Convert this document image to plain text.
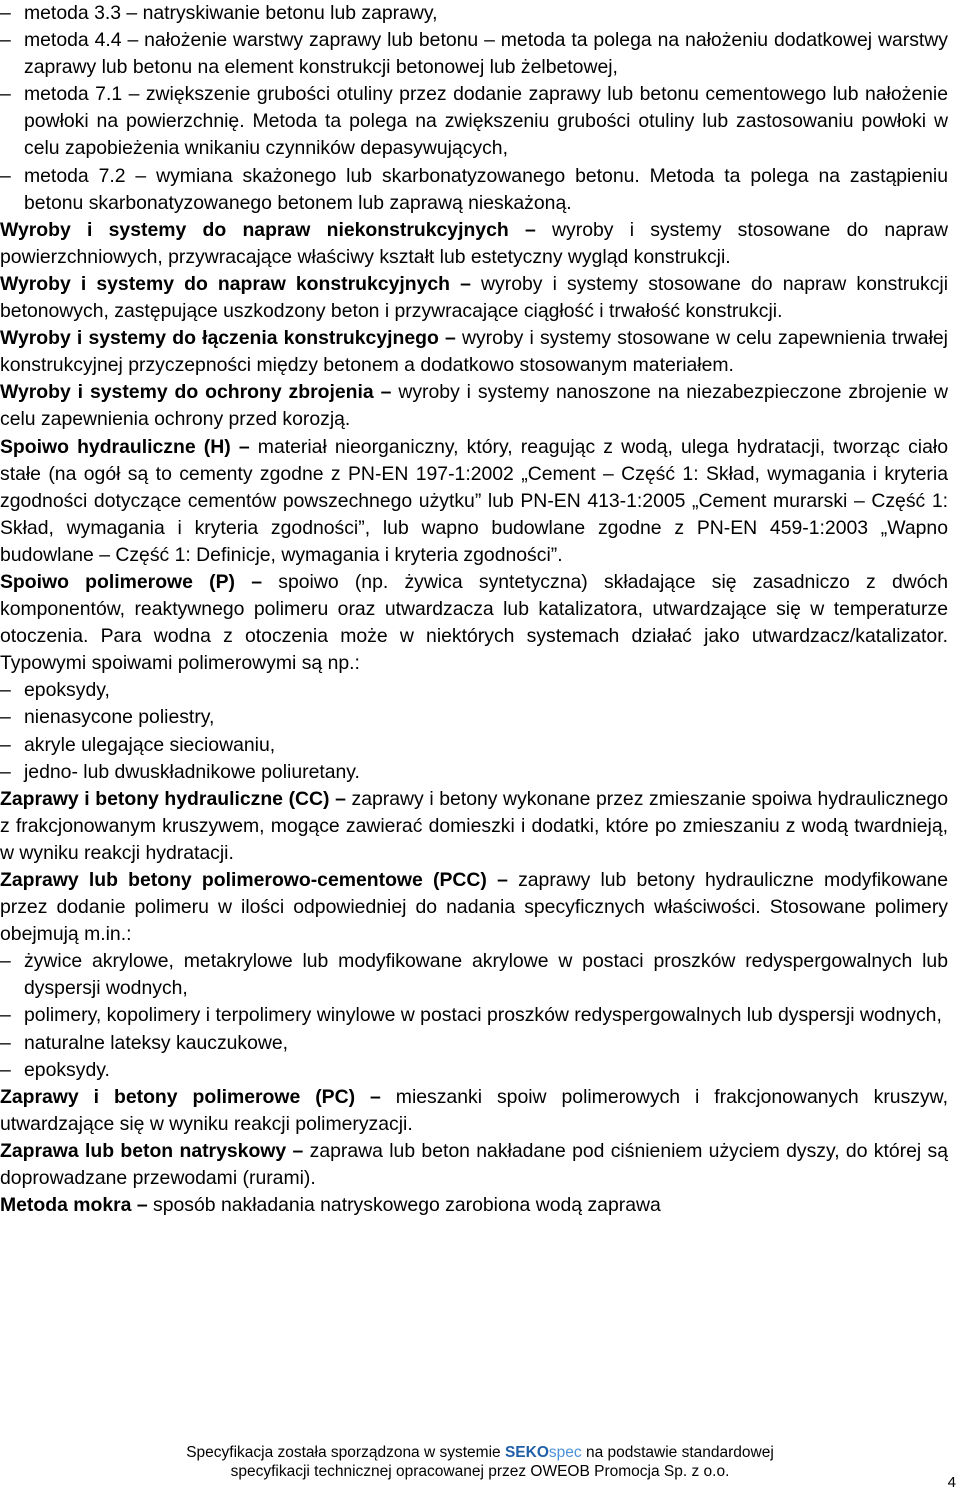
– metoda 3.3 – natryskiwanie betonu lub zaprawy,
– metoda 4.4 – nałożenie warstwy zaprawy lub betonu – metoda ta polega na nałożeniu dodatkowej warstwy zaprawy lub betonu na element konstrukcji betonowej lub żelbetowej,
– metoda 7.1 – zwiększenie grubości otuliny przez dodanie zaprawy lub betonu cementowego lub nałożenie powłoki na powierzchnię. Metoda ta polega na zwiększeniu grubości otuliny lub zastosowaniu powłoki w celu zapobieżenia wnikaniu czynników depasywujących,
– metoda 7.2 – wymiana skażonego lub skarbonatyzowanego betonu. Metoda ta polega na zastąpieniu betonu skarbonatyzowanego betonem lub zaprawą nieskażoną.

Wyroby i systemy do napraw niekonstrukcyjnych – wyroby i systemy stosowane do napraw powierzchniowych, przywracające właściwy kształt lub estetyczny wygląd konstrukcji.

Wyroby i systemy do napraw konstrukcyjnych – wyroby i systemy stosowane do napraw konstrukcji betonowych, zastępujące uszkodzony beton i przywracające ciągłość i trwałość konstrukcji.

Wyroby i systemy do łączenia konstrukcyjnego – wyroby i systemy stosowane w celu zapewnienia trwałej konstrukcyjnej przyczepności między betonem a dodatkowo stosowanym materiałem.

Wyroby i systemy do ochrony zbrojenia – wyroby i systemy nanoszone na niezabezpieczone zbrojenie w celu zapewnienia ochrony przed korozją.

Spoiwo hydrauliczne (H) – materiał nieorganiczny, który, reagując z wodą, ulega hydratacji, tworząc ciało stałe (na ogół są to cementy zgodne z PN-EN 197-1:2002 „Cement – Część 1: Skład, wymagania i kryteria zgodności dotyczące cementów powszechnego użytku” lub PN-EN 413-1:2005 „Cement murarski – Część 1: Skład, wymagania i kryteria zgodności”, lub wapno budowlane zgodne z PN-EN 459-1:2003 „Wapno budowlane – Część 1: Definicje, wymagania i kryteria zgodności”.

Spoiwo polimerowe (P) – spoiwo (np. żywica syntetyczna) składające się zasadniczo z dwóch komponentów, reaktywnego polimeru oraz utwardzacza lub katalizatora, utwardzające się w temperaturze otoczenia. Para wodna z otoczenia może w niektórych systemach działać jako utwardzacz/katalizator. Typowymi spoiwami polimerowymi są np.:

– epoksydy,
– nienasycone poliestry,
– akryle ulegające sieciowaniu,
– jedno- lub dwuskładnikowe poliuretany.

Zaprawy i betony hydrauliczne (CC) – zaprawy i betony wykonane przez zmieszanie spoiwa hydraulicznego z frakcjonowanym kruszywem, mogące zawierać domieszki i dodatki, które po zmieszaniu z wodą twardnieją, w wyniku reakcji hydratacji.

Zaprawy lub betony polimerowo-cementowe (PCC) – zaprawy lub betony hydrauliczne modyfikowane przez dodanie polimeru w ilości odpowiedniej do nadania specyficznych właściwości. Stosowane polimery obejmują m.in.:

– żywice akrylowe, metakrylowe lub modyfikowane akrylowe w postaci proszków redyspergowalnych lub dyspersji wodnych,
– polimery, kopolimery i terpolimery winylowe w postaci proszków redyspergowalnych lub dyspersji wodnych,
– naturalne lateksy kauczukowe,
– epoksydy.

Zaprawy i betony polimerowe (PC) – mieszanki spoiw polimerowych i frakcjonowanych kruszyw, utwardzające się w wyniku reakcji polimeryzacji.

Zaprawa lub beton natryskowy – zaprawa lub beton nakładane pod ciśnieniem użyciem dyszy, do której są doprowadzane przewodami (rurami).

Metoda mokra – sposób nakładania natryskowego zarobiona wodą zaprawa

Specyfikacja została sporządzona w systemie SEKOspec na podstawie standardowej
specyfikacji technicznej opracowanej przez OWEOB Promocja Sp. z o.o.
4
